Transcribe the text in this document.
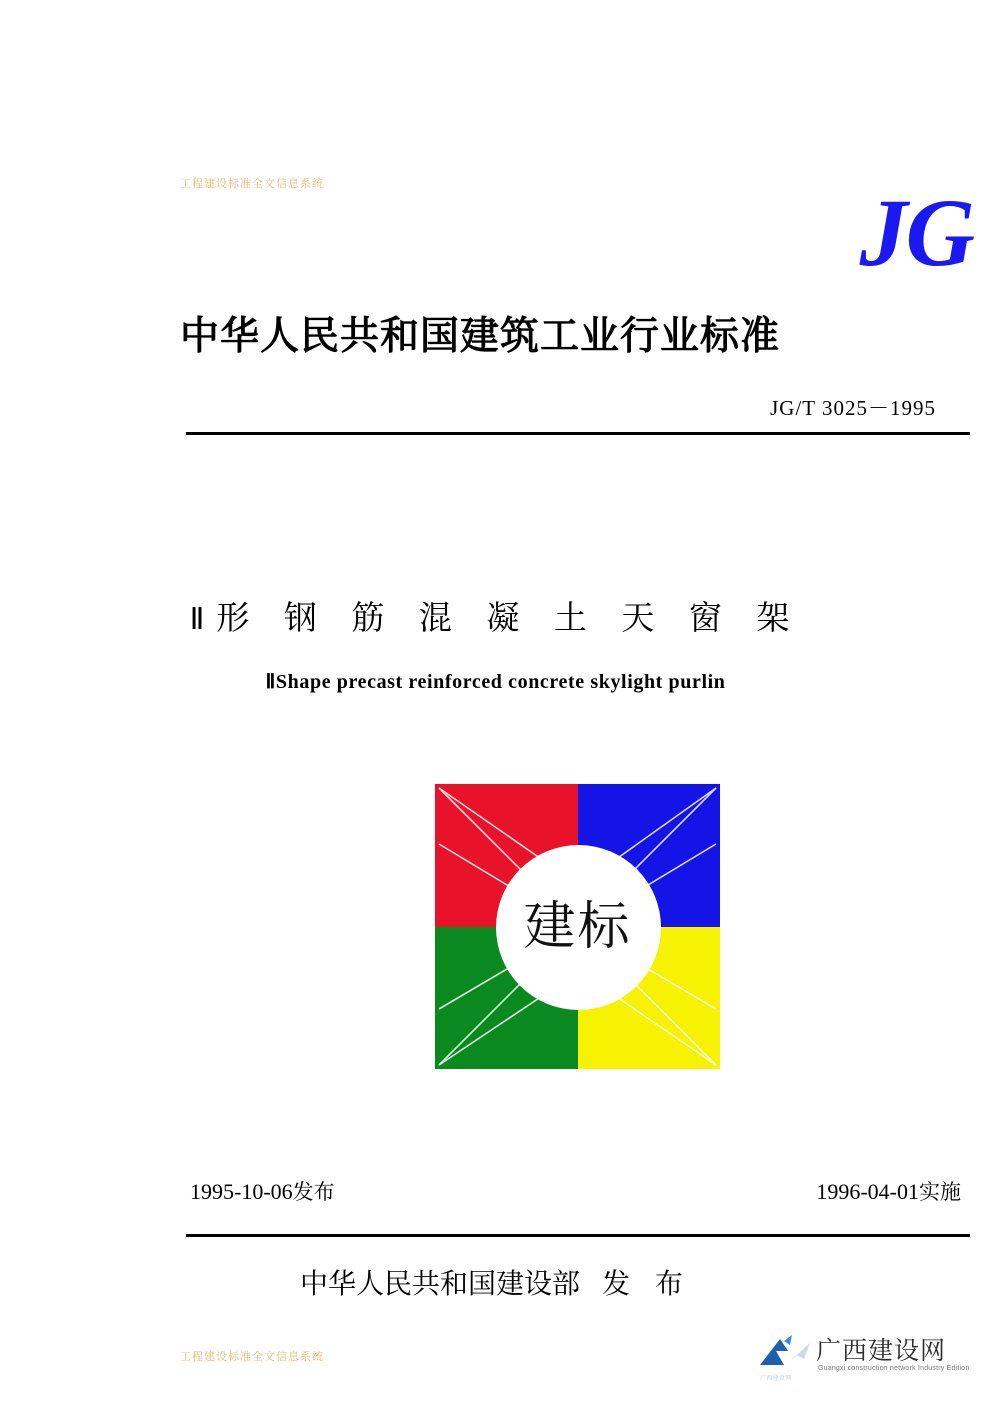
工程建设标准全文信息系统	JG
中华人民共和国建筑工业行业标准
JG/T 3025－1995
Ⅱ形 钢 筋 混 凝 土 天 窗 架
ⅡShape precast reinforced concrete skylight purlin
建标
1995-10-06发布	1996-04-01实施
中华人民共和国建设部 发 布
工程建设标准全文信息系统	广西建设网
Guangxi construction network Industry Edition
广西建设网
